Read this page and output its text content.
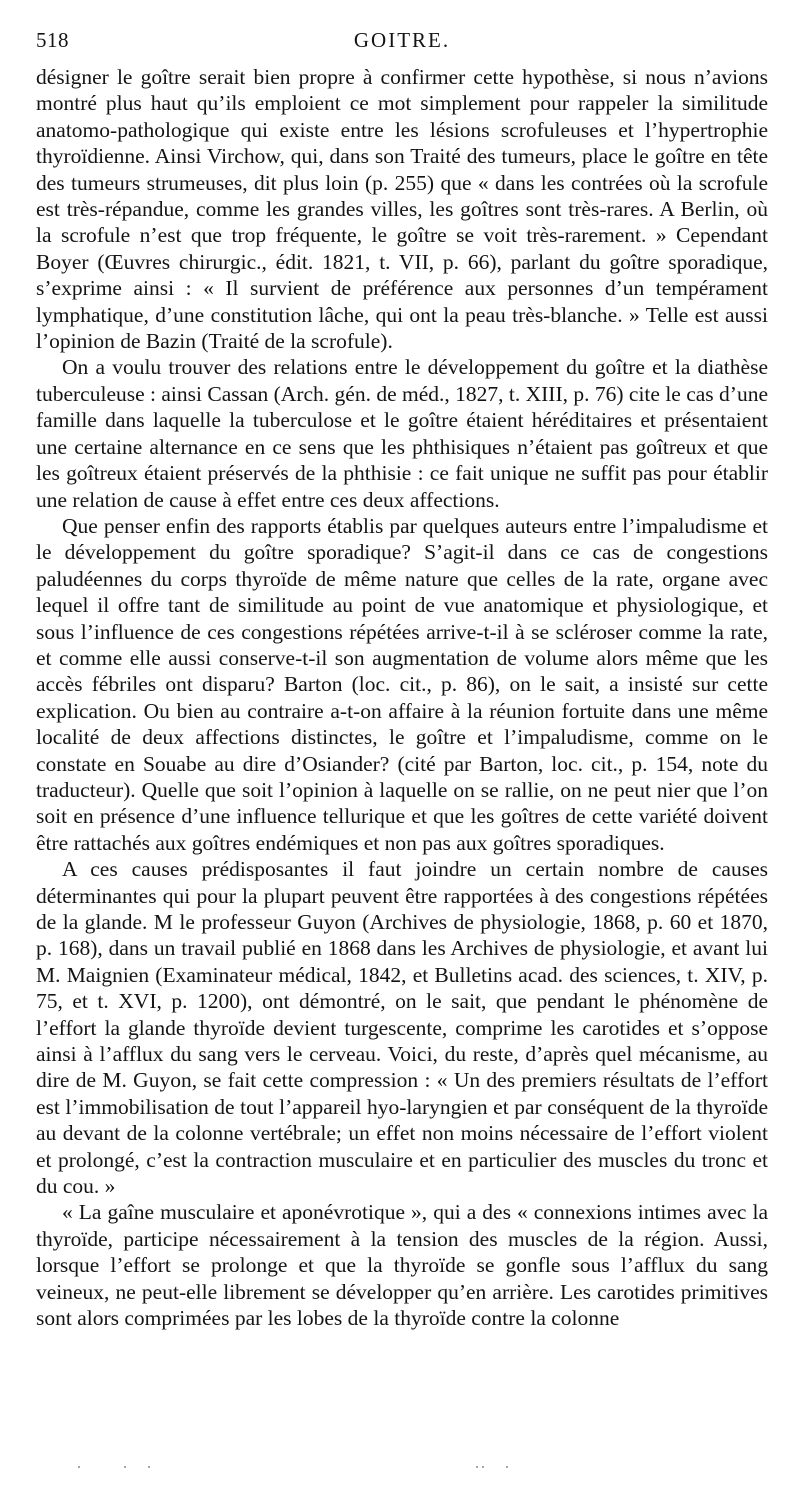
518	GOITRE.

désigner le goître serait bien propre à confirmer cette hypothèse, si nous n’avions montré plus haut qu’ils emploient ce mot simplement pour rappeler la similitude anatomo-pathologique qui existe entre les lésions scrofuleuses et l’hypertrophie thyroïdienne. Ainsi Virchow, qui, dans son Traité des tumeurs, place le goître en tête des tumeurs strumeuses, dit plus loin (p. 255) que « dans les contrées où la scrofule est très-répandue, comme les grandes villes, les goîtres sont très-rares. A Berlin, où la scrofule n’est que trop fréquente, le goître se voit très-rarement. » Cependant Boyer (Œuvres chirurgic., édit. 1821, t. VII, p. 66), parlant du goître sporadique, s’exprime ainsi : « Il survient de préférence aux personnes d’un tempérament lymphatique, d’une constitution lâche, qui ont la peau très-blanche. » Telle est aussi l’opinion de Bazin (Traité de la scrofule).

On a voulu trouver des relations entre le développement du goître et la diathèse tuberculeuse : ainsi Cassan (Arch. gén. de méd., 1827, t. XIII, p. 76) cite le cas d’une famille dans laquelle la tuberculose et le goître étaient héréditaires et présentaient une certaine alternance en ce sens que les phthisiques n’étaient pas goîtreux et que les goîtreux étaient préservés de la phthisie : ce fait unique ne suffit pas pour établir une relation de cause à effet entre ces deux affections.

Que penser enfin des rapports établis par quelques auteurs entre l’impaludisme et le développement du goître sporadique? S’agit-il dans ce cas de congestions paludéennes du corps thyroïde de même nature que celles de la rate, organe avec lequel il offre tant de similitude au point de vue anatomique et physiologique, et sous l’influence de ces congestions répétées arrive-t-il à se scléroser comme la rate, et comme elle aussi conserve-t-il son augmentation de volume alors même que les accès fébriles ont disparu? Barton (loc. cit., p. 86), on le sait, a insisté sur cette explication. Ou bien au contraire a-t-on affaire à la réunion fortuite dans une même localité de deux affections distinctes, le goître et l’impaludisme, comme on le constate en Souabe au dire d’Osiander? (cité par Barton, loc. cit., p. 154, note du traducteur). Quelle que soit l’opinion à laquelle on se rallie, on ne peut nier que l’on soit en présence d’une influence tellurique et que les goîtres de cette variété doivent être rattachés aux goîtres endémiques et non pas aux goîtres sporadiques.

A ces causes prédisposantes il faut joindre un certain nombre de causes déterminantes qui pour la plupart peuvent être rapportées à des congestions répétées de la glande. M le professeur Guyon (Archives de physiologie, 1868, p. 60 et 1870, p. 168), dans un travail publié en 1868 dans les Archives de physiologie, et avant lui M. Maignien (Examinateur médical, 1842, et Bulletins acad. des sciences, t. XIV, p. 75, et t. XVI, p. 1200), ont démontré, on le sait, que pendant le phénomène de l’effort la glande thyroïde devient turgescente, comprime les carotides et s’oppose ainsi à l’afflux du sang vers le cerveau. Voici, du reste, d’après quel mécanisme, au dire de M. Guyon, se fait cette compression : « Un des premiers résultats de l’effort est l’immobilisation de tout l’appareil hyo-laryngien et par conséquent de la thyroïde au devant de la colonne vertébrale; un effet non moins nécessaire de l’effort violent et prolongé, c’est la contraction musculaire et en particulier des muscles du tronc et du cou. »

« La gaîne musculaire et aponévrotique », qui a des « connexions intimes avec la thyroïde, participe nécessairement à la tension des muscles de la région. Aussi, lorsque l’effort se prolonge et que la thyroïde se gonfle sous l’afflux du sang veineux, ne peut-elle librement se développer qu’en arrière. Les carotides primitives sont alors comprimées par les lobes de la thyroïde contre la colonne
